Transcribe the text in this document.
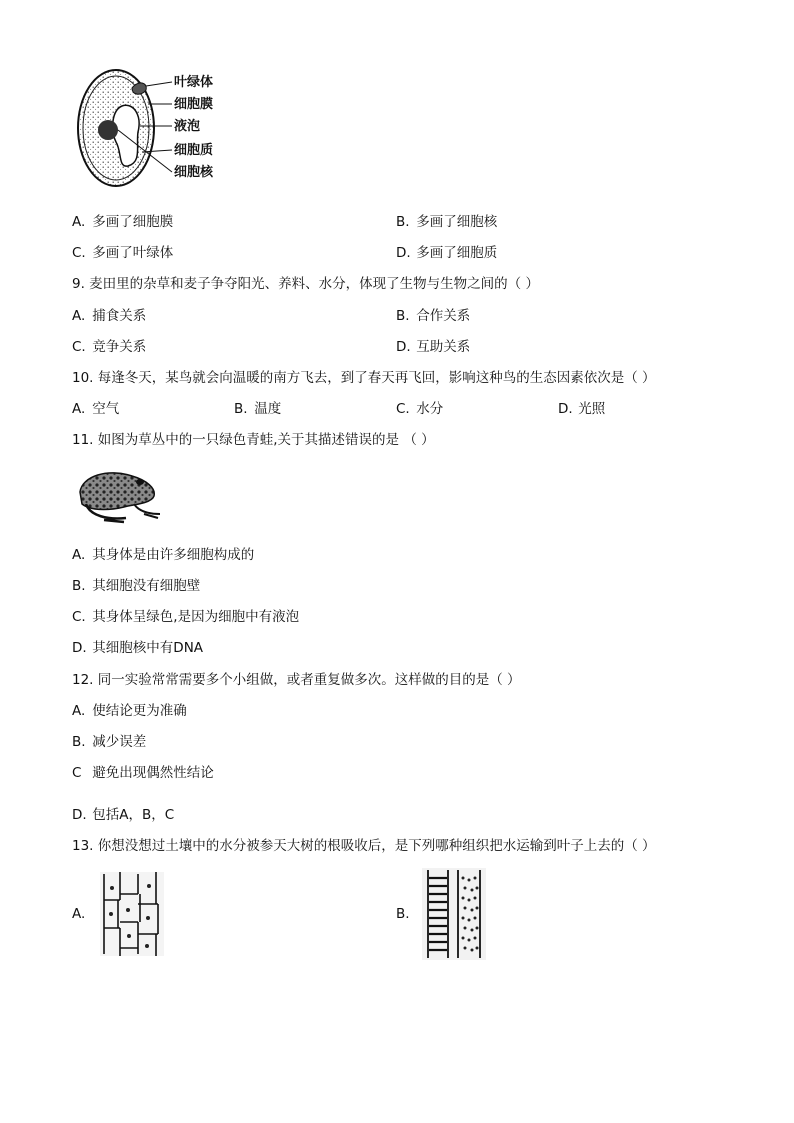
叶绿体
细胞膜
液泡
细胞质
细胞核
A. 多画了细胞膜	B. 多画了细胞核
C. 多画了叶绿体	D. 多画了细胞质
9. 麦田里的杂草和麦子争夺阳光、养料、水分，体现了生物与生物之间的（ ）
A. 捕食关系	B. 合作关系
C. 竞争关系	D. 互助关系
10. 每逢冬天，某鸟就会向温暖的南方飞去，到了春天再飞回，影响这种鸟的生态因素依次是（ ）
A. 空气	B. 温度	C. 水分	D. 光照
11. 如图为草丛中的一只绿色青蛙,关于其描述错误的是 （ ）
A. 其身体是由许多细胞构成的
B. 其细胞没有细胞壁
C. 其身体呈绿色,是因为细胞中有液泡
D. 其细胞核中有DNA
12. 同一实验常常需要多个小组做，或者重复做多次。这样做的目的是（ ）
A. 使结论更为准确
B. 减少误差
C 避免出现偶然性结论
D. 包括A，B，C
13. 你想没想过土壤中的水分被参天大树的根吸收后，是下列哪种组织把水运输到叶子上去的（ ）
A.	B.
